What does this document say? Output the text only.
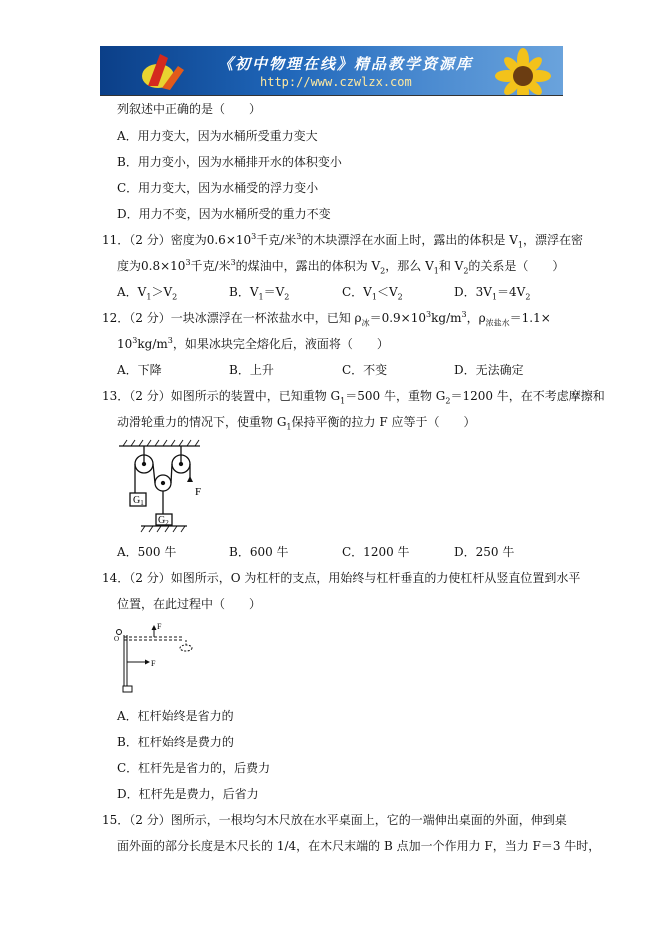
《初中物理在线》精品教学资源库
http://www.czwlzx.com
列叙述中正确的是（　　）
A．用力变大，因为水桶所受重力变大
B．用力变小，因为水桶排开水的体积变小
C．用力变大，因为水桶受的浮力变小
D．用力不变，因为水桶所受的重力不变
11．（2 分）密度为$0.6\times 10^3$千克/米$^3$的木块漂浮在水面上时，露出的体积是 $V_1$，漂浮在密
度为$0.8\times 10^3$千克/米$^3$的煤油中，露出的体积为 $V_2$，那么 $V_1$和 $V_2$的关系是（　　）
A．$V_1>V_2$	B．$V_1=V_2$	C．$V_1<V_2$	D．$3V_1=4V_2$
12．（2 分）一块冰漂浮在一杯浓盐水中，已知 $\rho_冰=0.9\times 10^3kg/m^3$，$\rho_{浓盐水}=1.1\times$
$10^3kg/m^3$，如果冰块完全熔化后，液面将（　　）
A．下降	B．上升	C．不变	D．无法确定
13．（2 分）如图所示的装置中，已知重物 $G_1=500$ 牛，重物 $G_2=1200$ 牛，在不考虑摩擦和
动滑轮重力的情况下，使重物 $G_1$保持平衡的拉力 F 应等于（　　）
$G_1$
$G_2$
F
A．500 牛	B．600 牛	C．1200 牛	D．250 牛
14．（2 分）如图所示，O 为杠杆的支点，用始终与杠杆垂直的力使杠杆从竖直位置到水平
位置，在此过程中（　　）
O
F
F
A．杠杆始终是省力的
B．杠杆始终是费力的
C．杠杆先是省力的，后费力
D．杠杆先是费力，后省力
15．（2 分）图所示，一根均匀木尺放在水平桌面上，它的一端伸出桌面的外面，伸到桌
面外面的部分长度是木尺长的 1/4，在木尺末端的 B 点加一个作用力 F，当力 F＝3 牛时，
